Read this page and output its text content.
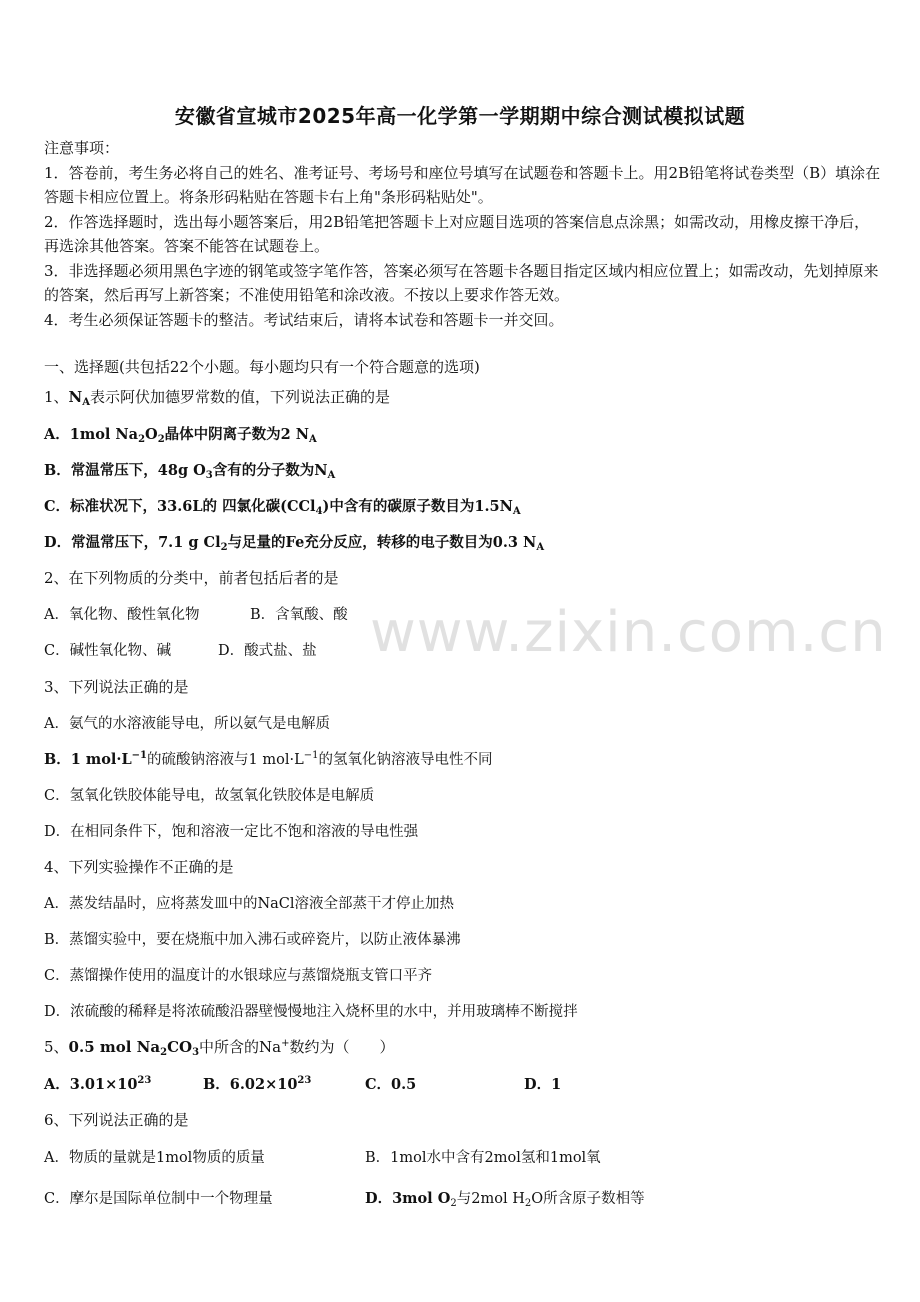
www.zixin.com.cn
安徽省宣城市2025年高一化学第一学期期中综合测试模拟试题
注意事项：
1．答卷前，考生务必将自己的姓名、准考证号、考场号和座位号填写在试题卷和答题卡上。用2B铅笔将试卷类型（B）填涂在答题卡相应位置上。将条形码粘贴在答题卡右上角"条形码粘贴处"。
2．作答选择题时，选出每小题答案后，用2B铅笔把答题卡上对应题目选项的答案信息点涂黑；如需改动，用橡皮擦干净后，再选涂其他答案。答案不能答在试题卷上。
3．非选择题必须用黑色字迹的钢笔或签字笔作答，答案必须写在答题卡各题目指定区域内相应位置上；如需改动，先划掉原来的答案，然后再写上新答案；不准使用铅笔和涂改液。不按以上要求作答无效。
4．考生必须保证答题卡的整洁。考试结束后，请将本试卷和答题卡一并交回。
一、选择题(共包括22个小题。每小题均只有一个符合题意的选项)
1、$N_A$表示阿伏加德罗常数的值，下列说法正确的是
A．1mol $Na_2O_2$晶体中阴离子数为2 $N_A$
B．常温常压下，48g $O_3$含有的分子数为$N_A$
C．标准状况下，33.6L的 四氯化碳(CCl$_4$)中含有的碳原子数目为$1.5N_A$
D．常温常压下，7.1 g $Cl_2$与足量的Fe充分反应，转移的电子数目为0.3 $N_A$
2、在下列物质的分类中，前者包括后者的是
A．氧化物、酸性氧化物	B．含氧酸、酸
C．碱性氧化物、碱	D．酸式盐、盐
3、下列说法正确的是
A．氨气的水溶液能导电，所以氨气是电解质
B．1 $mol\cdot L^{-1}$的硫酸钠溶液与1 $mol\cdot L^{-1}$的氢氧化钠溶液导电性不同
C．氢氧化铁胶体能导电，故氢氧化铁胶体是电解质
D．在相同条件下，饱和溶液一定比不饱和溶液的导电性强
4、下列实验操作不正确的是
A．蒸发结晶时，应将蒸发皿中的NaCl溶液全部蒸干才停止加热
B．蒸馏实验中，要在烧瓶中加入沸石或碎瓷片，以防止液体暴沸
C．蒸馏操作使用的温度计的水银球应与蒸馏烧瓶支管口平齐
D．浓硫酸的稀释是将浓硫酸沿器壁慢慢地注入烧杯里的水中，并用玻璃棒不断搅拌
5、0.5 mol $Na_2CO_3$中所含的Na+数约为（　　）
A．$3.01\times 10^{23}$	B．$6.02\times 10^{23}$	C．0.5	D．1
6、下列说法正确的是
A．物质的量就是1mol物质的质量	B．1mol水中含有2mol氢和1mol氧
C．摩尔是国际单位制中一个物理量	D．3mol $O_2$与2mol $H_2O$所含原子数相等
